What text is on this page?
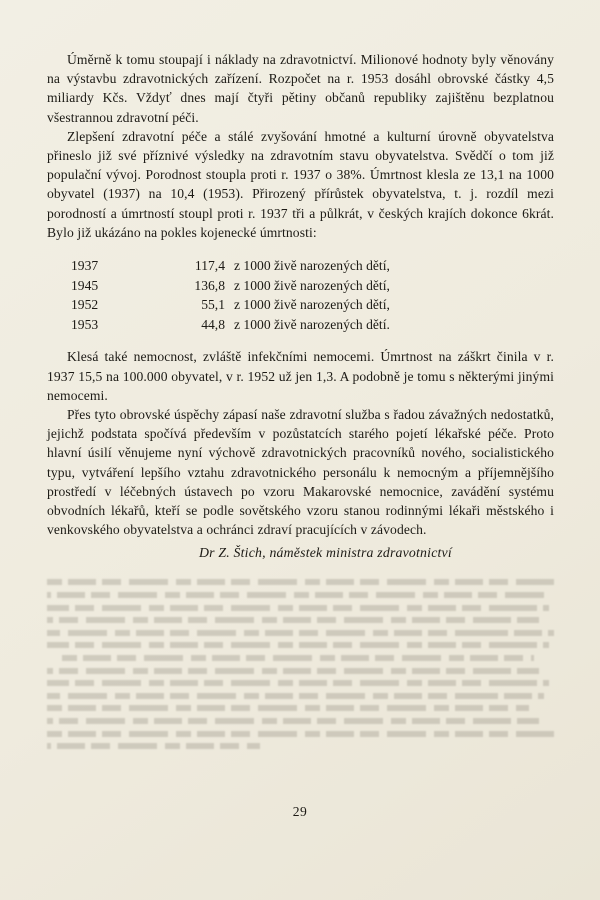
Úměrně k tomu stoupají i náklady na zdravotnictví. Milionové hodnoty byly věnovány na výstavbu zdravotnických zařízení. Rozpočet na r. 1953 dosáhl obrovské částky 4,5 miliardy Kčs. Vždyť dnes mají čtyři pětiny občanů republiky zajištěnu bezplatnou všestrannou zdravotní péči.

Zlepšení zdravotní péče a stálé zvyšování hmotné a kulturní úrovně obyvatelstva přineslo již své příznivé výsledky na zdravotním stavu obyvatelstva. Svědčí o tom již populační vývoj. Porodnost stoupla proti r. 1937 o 38%. Úmrtnost klesla ze 13,1 na 1000 obyvatel (1937) na 10,4 (1953). Přirozený přírůstek obyvatelstva, t. j. rozdíl mezi porodností a úmrtností stoupl proti r. 1937 tři a půlkrát, v českých krajích dokonce 6krát. Bylo již ukázáno na pokles kojenecké úmrtnosti:

1937	117,4 z 1000 živě narozených dětí,
1945	136,8 z 1000 živě narozených dětí,
1952	55,1 z 1000 živě narozených dětí,
1953	44,8 z 1000 živě narozených dětí.

Klesá také nemocnost, zvláště infekčními nemocemi. Úmrtnost na záškrt činila v r. 1937 15,5 na 100.000 obyvatel, v r. 1952 už jen 1,3. A podobně je tomu s některými jinými nemocemi.

Přes tyto obrovské úspěchy zápasí naše zdravotní služba s řadou závažných nedostatků, jejichž podstata spočívá především v pozůstatcích starého pojetí lékařské péče. Proto hlavní úsilí věnujeme nyní výchově zdravotnických pracovníků nového, socialistického typu, vytváření lepšího vztahu zdravotnického personálu k nemocným a příjemnějšího prostředí v léčebných ústavech po vzoru Makarovské nemocnice, zavádění systému obvodních lékařů, kteří se podle sovětského vzoru stanou rodinnými lékaři městského i venkovského obyvatelstva a ochránci zdraví pracujících v závodech.

Dr Z. Štich, náměstek ministra zdravotnictví

29
